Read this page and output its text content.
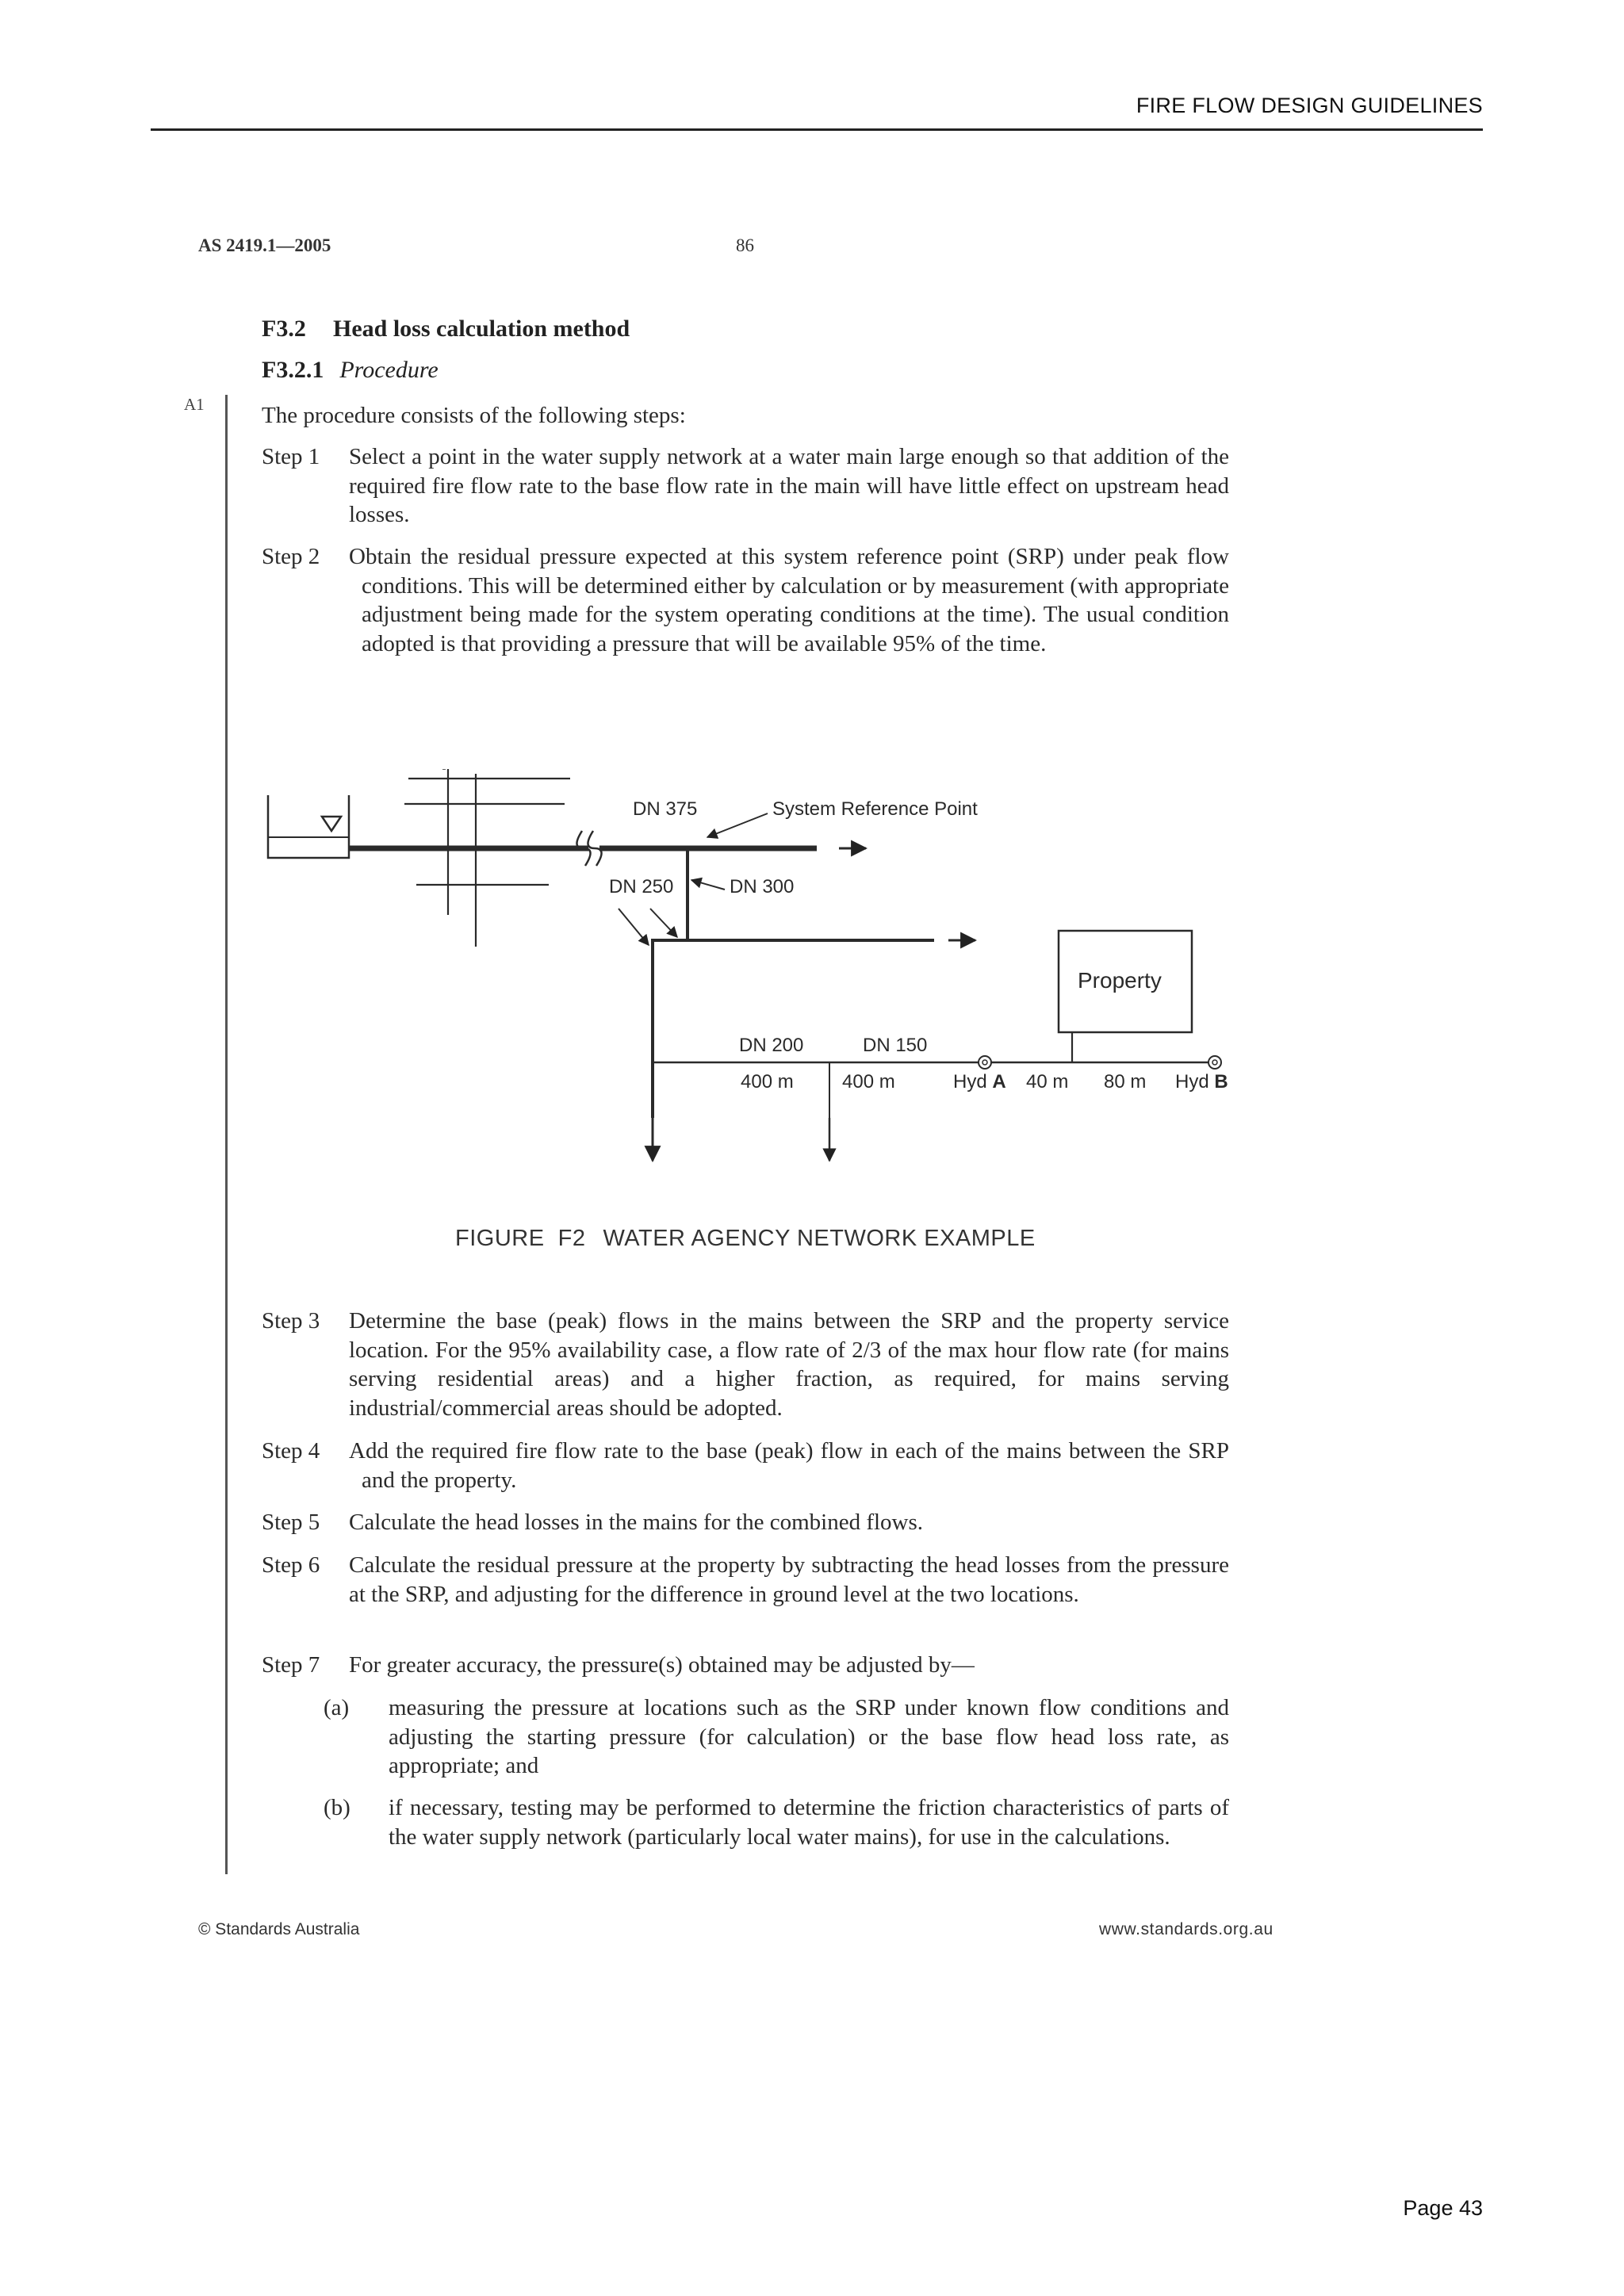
FIRE FLOW DESIGN GUIDELINES
AS 2419.1—2005	86
F3.2 Head loss calculation method
F3.2.1 Procedure
A1 The procedure consists of the following steps:
Step 1 Select a point in the water supply network at a water main large enough so that addition of the required fire flow rate to the base flow rate in the main will have little effect on upstream head losses.
Step 2 Obtain the residual pressure expected at this system reference point (SRP) under peak flow conditions. This will be determined either by calculation or by measurement (with appropriate adjustment being made for the system operating conditions at the time). The usual condition adopted is that providing a pressure that will be available 95% of the time.
DN 375	System Reference Point
DN 250	DN 300
Property
DN 200	DN 150
400 m	400 m	Hyd A 40 m 80 m Hyd B
FIGURE  F2 WATER AGENCY NETWORK EXAMPLE
Step 3 Determine the base (peak) flows in the mains between the SRP and the property service location. For the 95% availability case, a flow rate of 2/3 of the max hour flow rate (for mains serving residential areas) and a higher fraction, as required, for mains serving industrial/commercial areas should be adopted.
Step 4 Add the required fire flow rate to the base (peak) flow in each of the mains between the SRP and the property.
Step 5 Calculate the head losses in the mains for the combined flows.
Step 6 Calculate the residual pressure at the property by subtracting the head losses from the pressure at the SRP, and adjusting for the difference in ground level at the two locations.
Step 7 For greater accuracy, the pressure(s) obtained may be adjusted by—
(a) measuring the pressure at locations such as the SRP under known flow conditions and adjusting the starting pressure (for calculation) or the base flow head loss rate, as appropriate; and
(b) if necessary, testing may be performed to determine the friction characteristics of parts of the water supply network (particularly local water mains), for use in the calculations.
© Standards Australia	www.standards.org.au
Page 43
